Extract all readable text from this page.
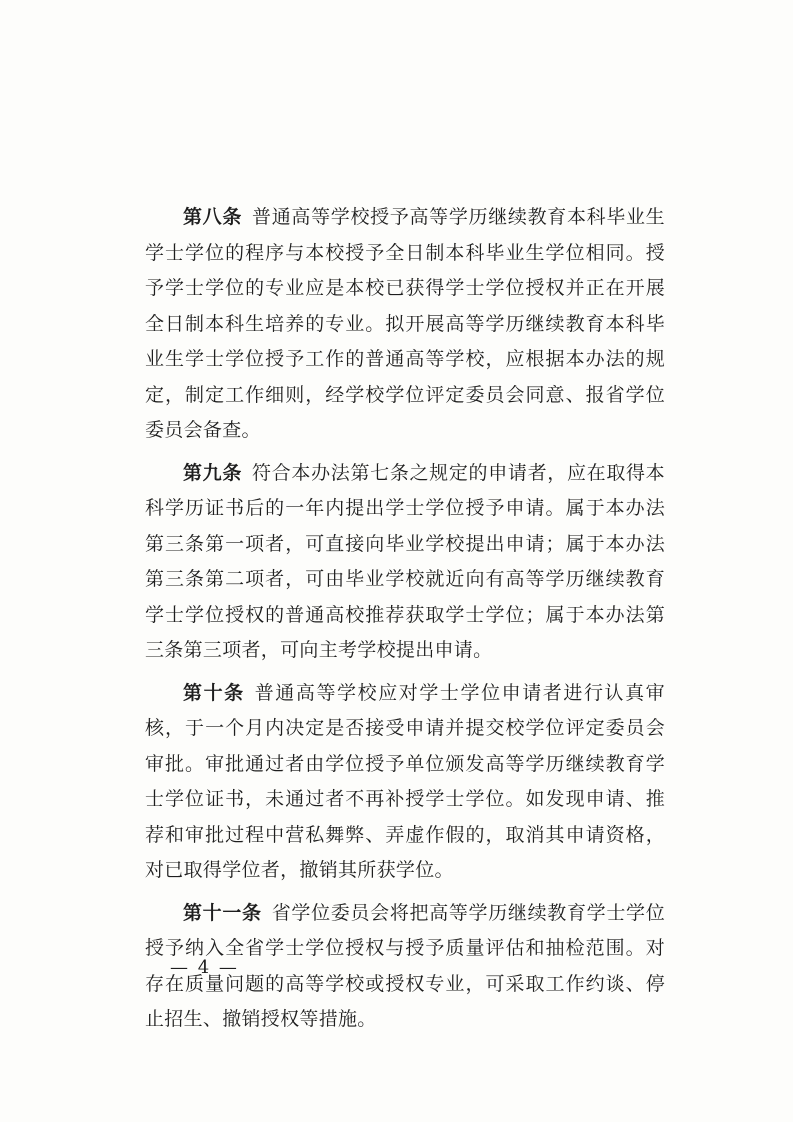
第八条 普通高等学校授予高等学历继续教育本科毕业生学士学位的程序与本校授予全日制本科毕业生学位相同。授予学士学位的专业应是本校已获得学士学位授权并正在开展全日制本科生培养的专业。拟开展高等学历继续教育本科毕业生学士学位授予工作的普通高等学校，应根据本办法的规定，制定工作细则，经学校学位评定委员会同意、报省学位委员会备查。

第九条 符合本办法第七条之规定的申请者，应在取得本科学历证书后的一年内提出学士学位授予申请。属于本办法第三条第一项者，可直接向毕业学校提出申请；属于本办法第三条第二项者，可由毕业学校就近向有高等学历继续教育学士学位授权的普通高校推荐获取学士学位；属于本办法第三条第三项者，可向主考学校提出申请。

第十条 普通高等学校应对学士学位申请者进行认真审核，于一个月内决定是否接受申请并提交校学位评定委员会审批。审批通过者由学位授予单位颁发高等学历继续教育学士学位证书，未通过者不再补授学士学位。如发现申请、推荐和审批过程中营私舞弊、弄虚作假的，取消其申请资格，对已取得学位者，撤销其所获学位。

第十一条 省学位委员会将把高等学历继续教育学士学位授予纳入全省学士学位授权与授予质量评估和抽检范围。对存在质量问题的高等学校或授权专业，可采取工作约谈、停止招生、撤销授权等措施。

— 4 —
